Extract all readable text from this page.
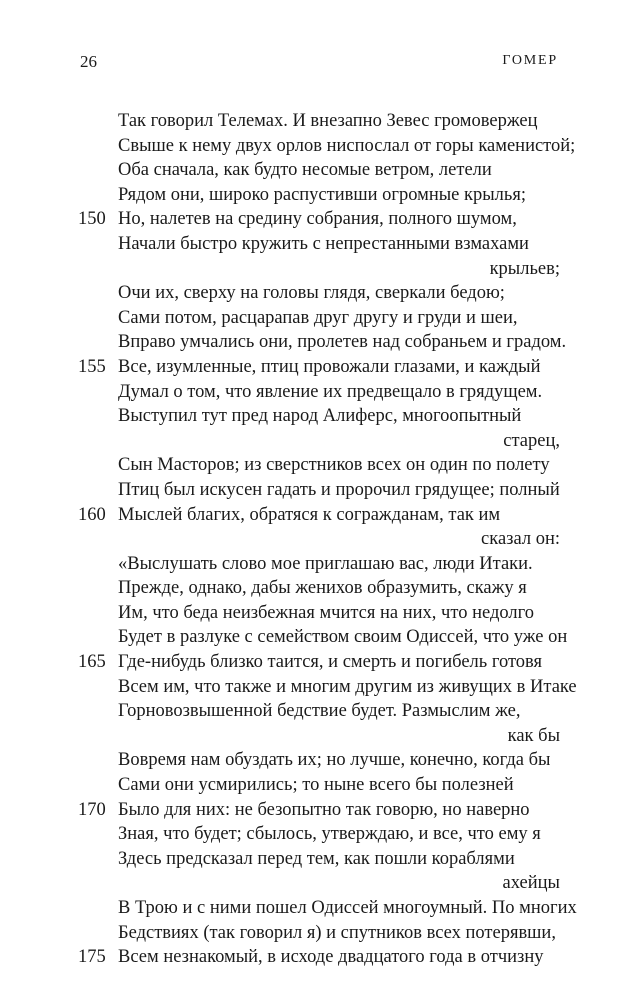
26	ГОМЕР
Так говорил Телемах. И внезапно Зевес громовержец
Свыше к нему двух орлов ниспослал от горы каменистой;
Оба сначала, как будто несомые ветром, летели
Рядом они, широко распустивши огромные крылья;
150 Но, налетев на средину собрания, полного шумом,
Начали быстро кружить с непрестанными взмахами
крыльев;
Очи их, сверху на головы глядя, сверкали бедою;
Сами потом, расцарапав друг другу и груди и шеи,
Вправо умчались они, пролетев над собраньем и градом.
155 Все, изумленные, птиц провожали глазами, и каждый
Думал о том, что явление их предвещало в грядущем.
Выступил тут пред народ Алиферс, многоопытный
старец,
Сын Масторов; из сверстников всех он один по полету
Птиц был искусен гадать и пророчил грядущее; полный
160 Мыслей благих, обратяся к согражданам, так им
сказал он:
«Выслушать слово мое приглашаю вас, люди Итаки.
Прежде, однако, дабы женихов образумить, скажу я
Им, что беда неизбежная мчится на них, что недолго
Будет в разлуке с семейством своим Одиссей, что уже он
165 Где-нибудь близко таится, и смерть и погибель готовя
Всем им, что также и многим другим из живущих в Итаке
Горновозвышенной бедствие будет. Размыслим же,
как бы
Вовремя нам обуздать их; но лучше, конечно, когда бы
Сами они усмирились; то ныне всего бы полезней
170 Было для них: не безопытно так говорю, но наверно
Зная, что будет; сбылось, утверждаю, и все, что ему я
Здесь предсказал перед тем, как пошли кораблями
ахейцы
В Трою и с ними пошел Одиссей многоумный. По многих
Бедствиях (так говорил я) и спутников всех потерявши,
175 Всем незнакомый, в исходе двадцатого года в отчизну
